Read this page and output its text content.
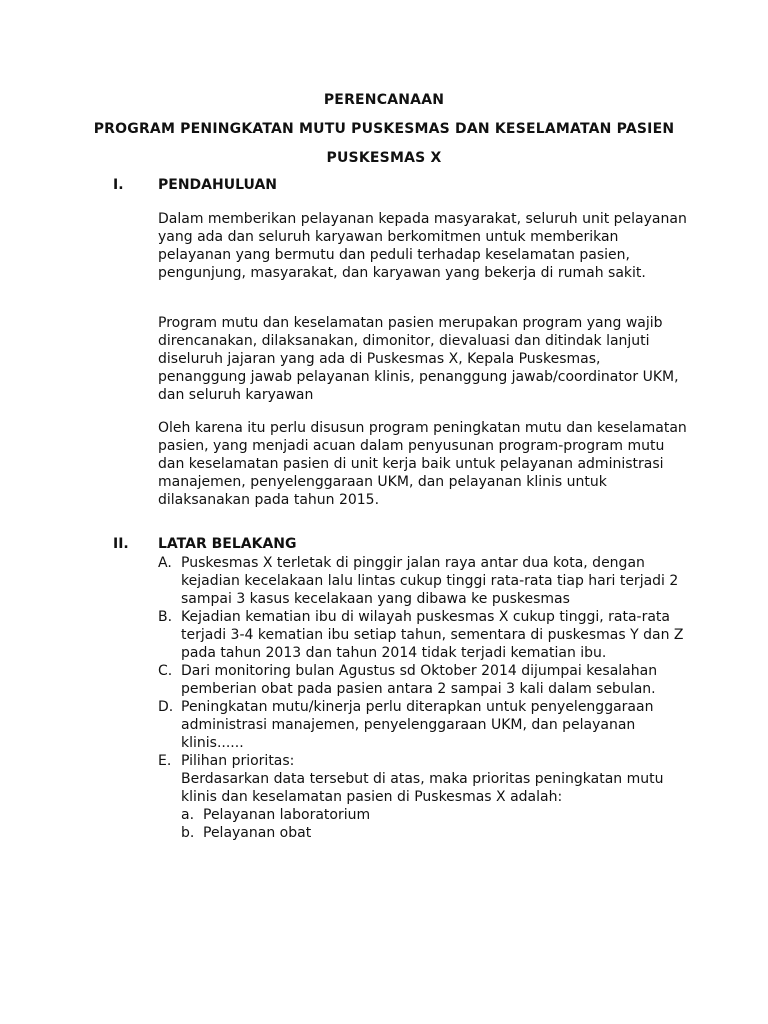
PERENCANAAN

PROGRAM PENINGKATAN MUTU PUSKESMAS DAN KESELAMATAN PASIEN

PUSKESMAS X

I.	PENDAHULUAN

Dalam memberikan pelayanan kepada masyarakat, seluruh unit pelayanan yang ada dan seluruh karyawan berkomitmen untuk memberikan pelayanan yang bermutu dan peduli terhadap keselamatan pasien, pengunjung, masyarakat, dan karyawan yang bekerja di rumah sakit.

Program mutu dan keselamatan pasien merupakan program yang wajib direncanakan, dilaksanakan, dimonitor, dievaluasi dan ditindak lanjuti diseluruh jajaran yang ada di Puskesmas X, Kepala Puskesmas, penanggung jawab pelayanan klinis, penanggung jawab/coordinator UKM, dan seluruh karyawan

Oleh karena itu perlu disusun program peningkatan mutu dan keselamatan pasien, yang menjadi acuan dalam penyusunan program-program mutu dan keselamatan pasien di unit kerja baik untuk pelayanan administrasi manajemen, penyelenggaraan UKM, dan pelayanan klinis untuk dilaksanakan pada tahun 2015.

II.	LATAR BELAKANG
A. Puskesmas X terletak di pinggir jalan raya antar dua kota, dengan kejadian kecelakaan lalu lintas cukup tinggi rata-rata tiap hari terjadi 2 sampai 3 kasus kecelakaan yang dibawa ke puskesmas
B. Kejadian kematian ibu di wilayah puskesmas X cukup tinggi, rata-rata terjadi 3-4 kematian ibu setiap tahun, sementara di puskesmas Y dan Z pada tahun 2013 dan tahun 2014 tidak terjadi kematian ibu.
C. Dari monitoring bulan Agustus sd Oktober 2014 dijumpai kesalahan pemberian obat pada pasien antara 2 sampai 3 kali dalam sebulan.
D. Peningkatan mutu/kinerja perlu diterapkan untuk penyelenggaraan administrasi manajemen, penyelenggaraan UKM, dan pelayanan klinis......
E. Pilihan prioritas:
Berdasarkan data tersebut di atas, maka prioritas peningkatan mutu klinis dan keselamatan pasien di Puskesmas X adalah:
a. Pelayanan laboratorium
b. Pelayanan obat
